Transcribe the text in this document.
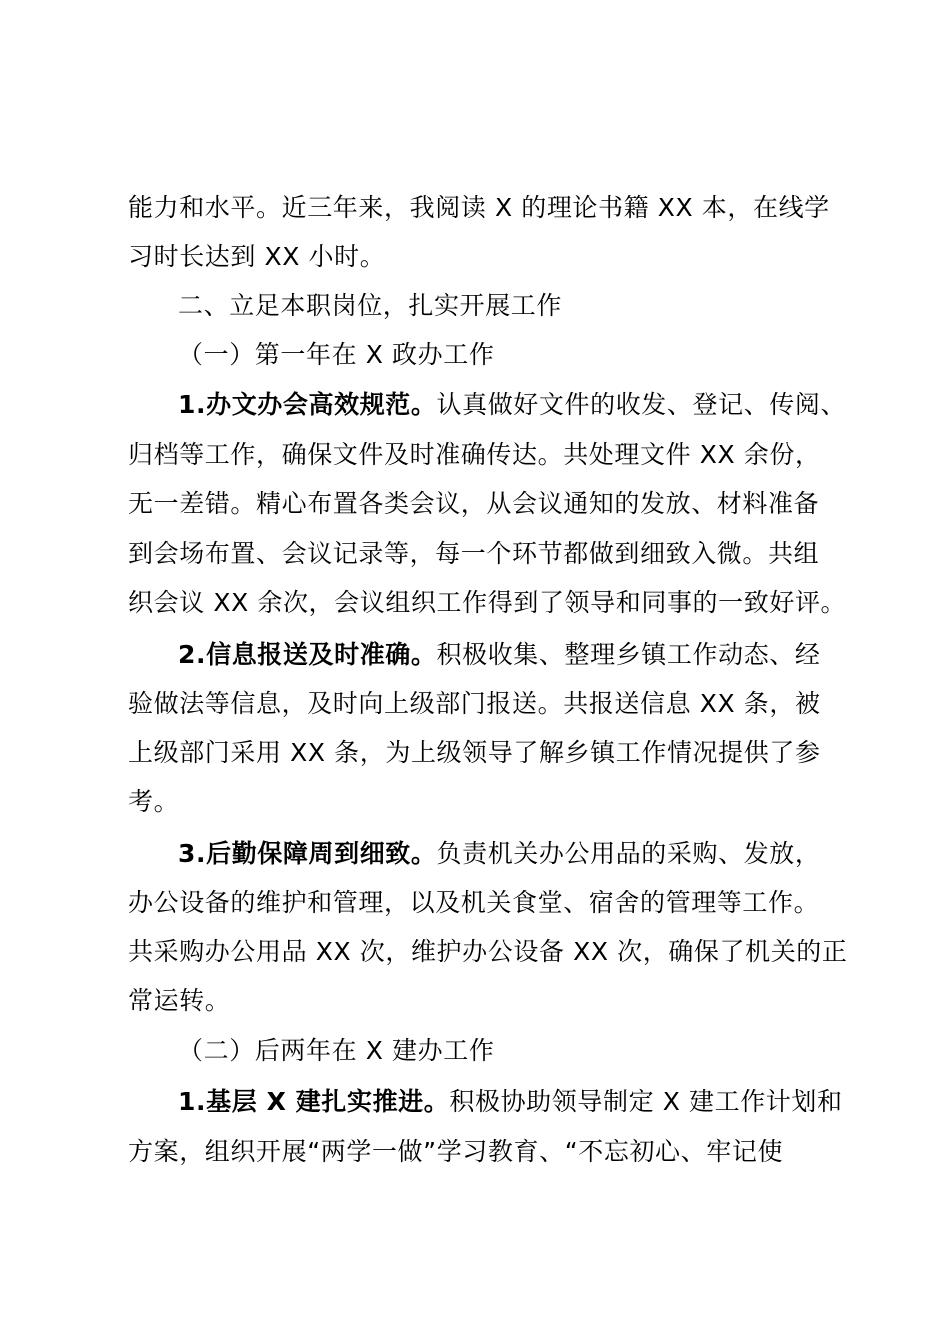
能力和水平。近三年来，我阅读 X 的理论书籍 XX 本，在线学
习时长达到 XX 小时。
二、立足本职岗位，扎实开展工作
（一）第一年在 X 政办工作
1.办文办会高效规范。认真做好文件的收发、登记、传阅、
归档等工作，确保文件及时准确传达。共处理文件 XX 余份，
无一差错。精心布置各类会议，从会议通知的发放、材料准备
到会场布置、会议记录等，每一个环节都做到细致入微。共组
织会议 XX 余次，会议组织工作得到了领导和同事的一致好评。
2.信息报送及时准确。积极收集、整理乡镇工作动态、经
验做法等信息，及时向上级部门报送。共报送信息 XX 条，被
上级部门采用 XX 条，为上级领导了解乡镇工作情况提供了参
考。
3.后勤保障周到细致。负责机关办公用品的采购、发放，
办公设备的维护和管理，以及机关食堂、宿舍的管理等工作。
共采购办公用品 XX 次，维护办公设备 XX 次，确保了机关的正
常运转。
（二）后两年在 X 建办工作
1.基层 X 建扎实推进。积极协助领导制定 X 建工作计划和
方案，组织开展“两学一做”学习教育、“不忘初心、牢记使
